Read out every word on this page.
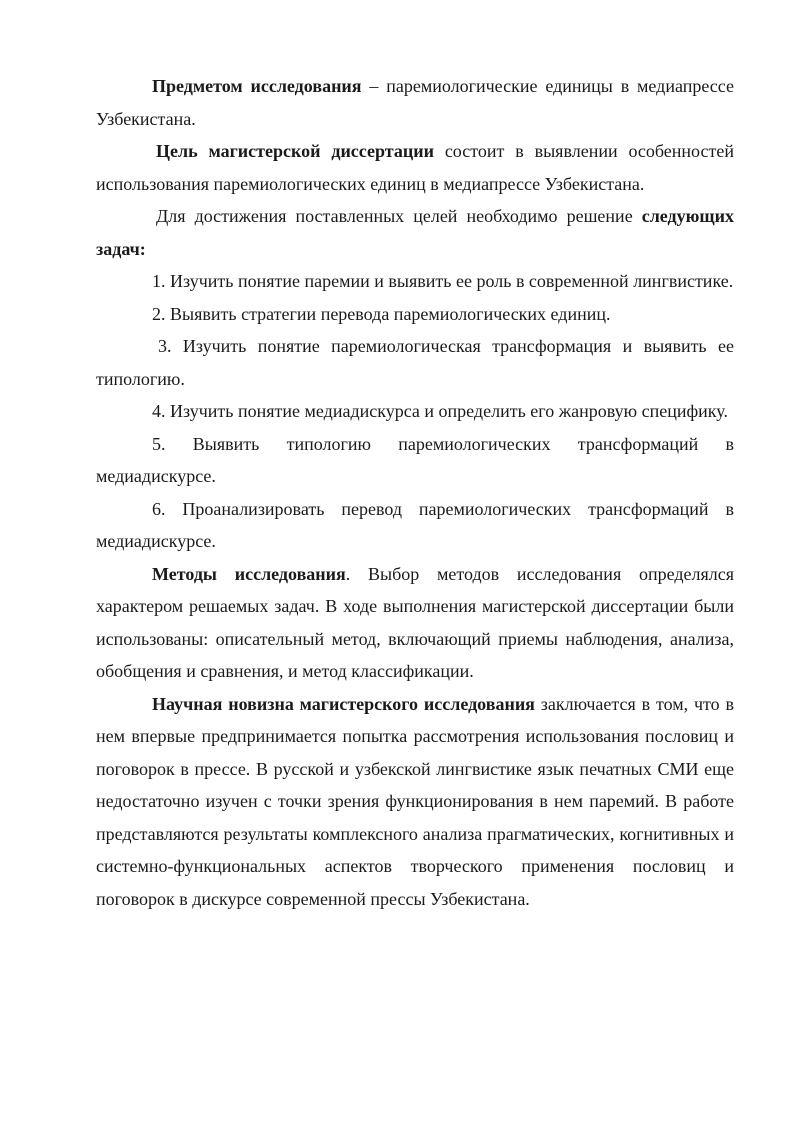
Предметом исследования – паремиологические единицы в медиапрессе Узбекистана.

Цель магистерской диссертации состоит в выявлении особенностей использования паремиологических единиц в медиапрессе Узбекистана.

Для достижения поставленных целей необходимо решение следующих задач:

1. Изучить понятие паремии и выявить ее роль в современной лингвистике.

2. Выявить стратегии перевода паремиологических единиц.

3. Изучить понятие паремиологическая трансформация и выявить ее типологию.

4. Изучить понятие медиадискурса и определить его жанровую специфику.

5. Выявить типологию паремиологических трансформаций в медиадискурсе.

6. Проанализировать перевод паремиологических трансформаций в медиадискурсе.

Методы исследования. Выбор методов исследования определялся характером решаемых задач. В ходе выполнения магистерской диссертации были использованы: описательный метод, включающий приемы наблюдения, анализа, обобщения и сравнения, и метод классификации.

Научная новизна магистерского исследования заключается в том, что в нем впервые предпринимается попытка рассмотрения использования пословиц и поговорок в прессе. В русской и узбекской лингвистике язык печатных СМИ еще недостаточно изучен с точки зрения функционирования в нем паремий. В работе представляются результаты комплексного анализа прагматических, когнитивных и системно-функциональных аспектов творческого применения пословиц и поговорок в дискурсе современной прессы Узбекистана.
